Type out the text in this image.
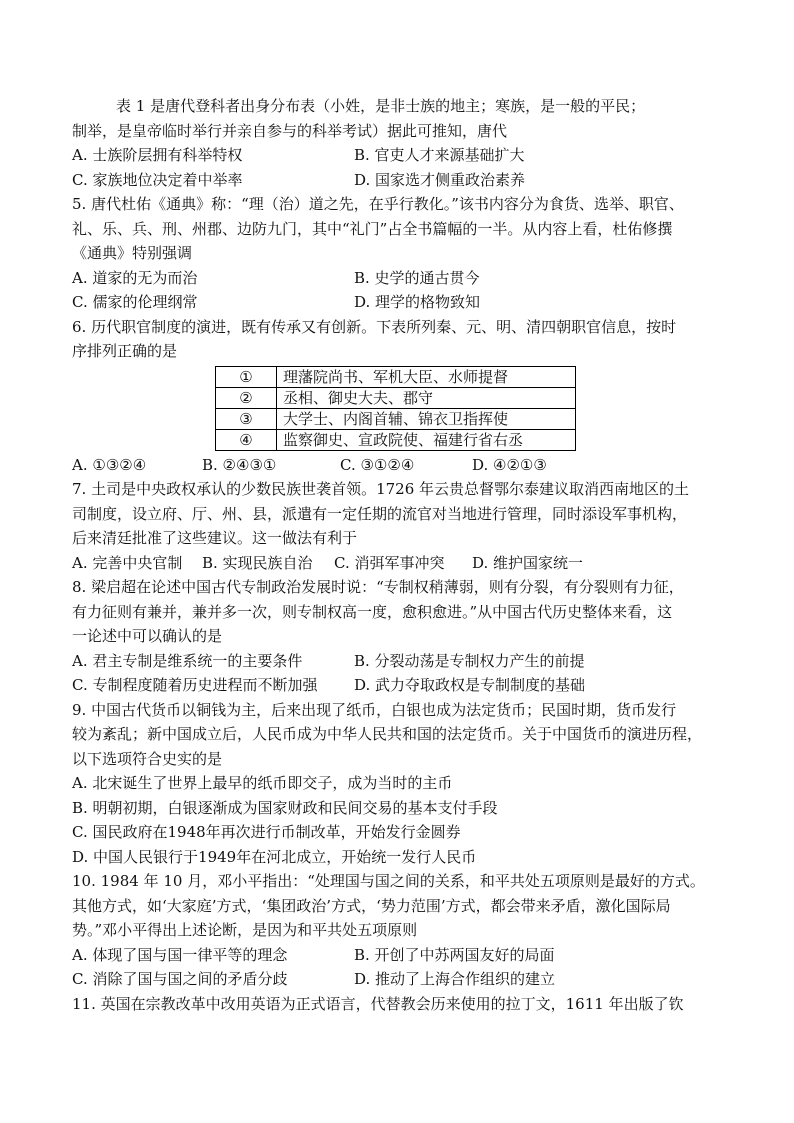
表 1 是唐代登科者出身分布表（小姓，是非士族的地主；寒族，是一般的平民；
制举，是皇帝临时举行并亲自参与的科举考试）据此可推知，唐代
A. 士族阶层拥有科举特权	B. 官吏人才来源基础扩大
C. 家族地位决定着中举率	D. 国家选才侧重政治素养
5. 唐代杜佑《通典》称：“理（治）道之先，在乎行教化。”该书内容分为食货、选举、职官、
礼、乐、兵、刑、州郡、边防九门，其中“礼门”占全书篇幅的一半。从内容上看，杜佑修撰
《通典》特别强调
A. 道家的无为而治	B. 史学的通古贯今
C. 儒家的伦理纲常	D. 理学的格物致知
6. 历代职官制度的演进，既有传承又有创新。下表所列秦、元、明、清四朝职官信息，按时
序排列正确的是
①	理藩院尚书、军机大臣、水师提督
②	丞相、御史大夫、郡守
③	大学士、内阁首辅、锦衣卫指挥使
④	监察御史、宣政院使、福建行省右丞
A. ①③②④	B. ②④③①	C. ③①②④	D. ④②①③
7. 土司是中央政权承认的少数民族世袭首领。1726 年云贵总督鄂尔泰建议取消西南地区的土
司制度，设立府、厅、州、县，派遣有一定任期的流官对当地进行管理，同时添设军事机构，
后来清廷批准了这些建议。这一做法有利于
A. 完善中央官制 B. 实现民族自治 C. 消弭军事冲突 D. 维护国家统一
8. 梁启超在论述中国古代专制政治发展时说：“专制权稍薄弱，则有分裂，有分裂则有力征，
有力征则有兼并，兼并多一次，则专制权高一度，愈积愈进。”从中国古代历史整体来看，这
一论述中可以确认的是
A. 君主专制是维系统一的主要条件	B. 分裂动荡是专制权力产生的前提
C. 专制程度随着历史进程而不断加强 D. 武力夺取政权是专制制度的基础
9. 中国古代货币以铜钱为主，后来出现了纸币，白银也成为法定货币；民国时期，货币发行
较为紊乱；新中国成立后，人民币成为中华人民共和国的法定货币。关于中国货币的演进历程，
以下选项符合史实的是
A. 北宋诞生了世界上最早的纸币即交子，成为当时的主币
B. 明朝初期，白银逐渐成为国家财政和民间交易的基本支付手段
C. 国民政府在1948年再次进行币制改革，开始发行金圆券
D. 中国人民银行于1949年在河北成立，开始统一发行人民币
10. 1984 年 10 月，邓小平指出：“处理国与国之间的关系，和平共处五项原则是最好的方式。
其他方式，如‘大家庭’方式，‘集团政治’方式，‘势力范围’方式，都会带来矛盾，激化国际局
势。”邓小平得出上述论断，是因为和平共处五项原则
A. 体现了国与国一律平等的理念	B. 开创了中苏两国友好的局面
C. 消除了国与国之间的矛盾分歧	D. 推动了上海合作组织的建立
11. 英国在宗教改革中改用英语为正式语言，代替教会历来使用的拉丁文，1611 年出版了钦
